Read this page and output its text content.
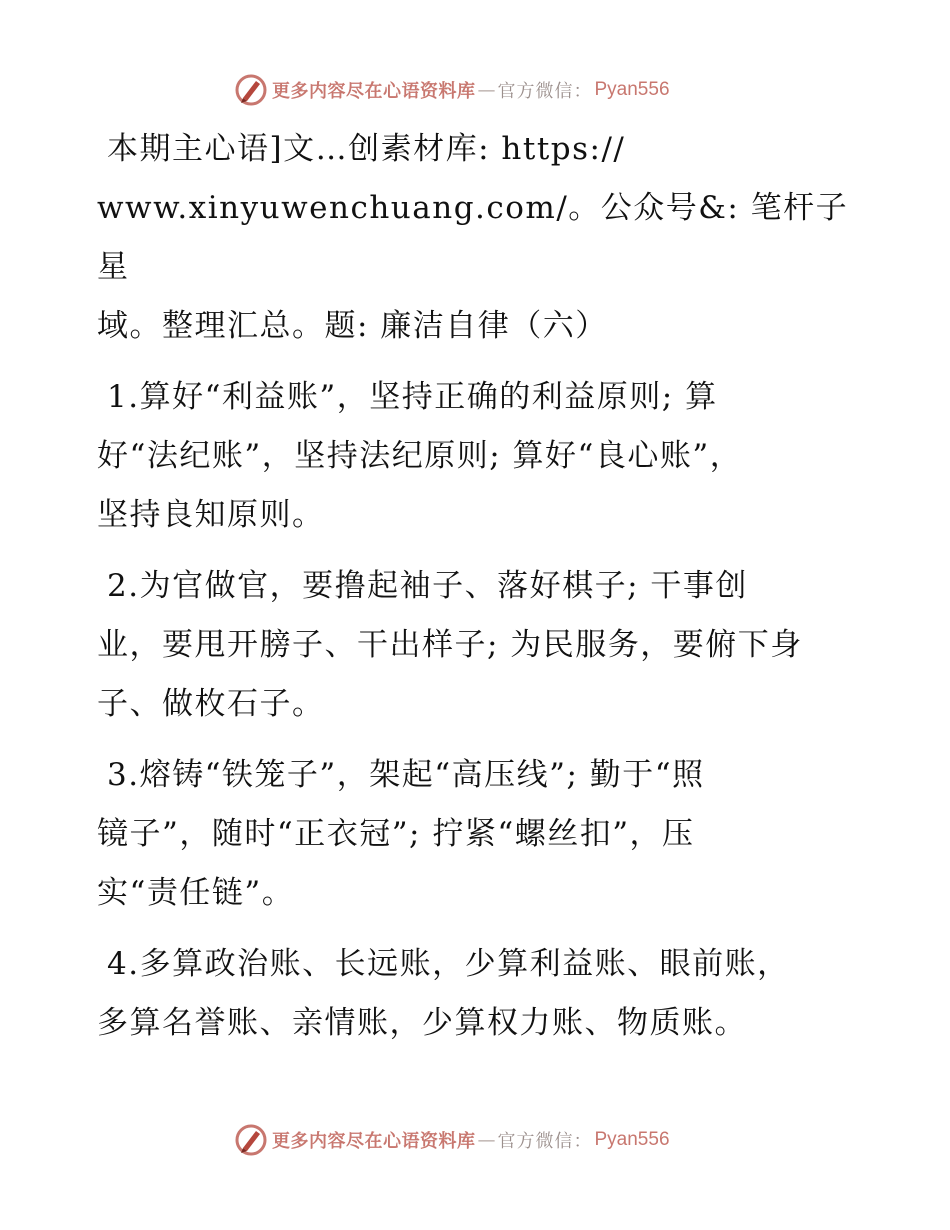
更多内容尽在心语资料库 — 官方微信： Pyan556
本期主心语]文…创素材库: https://
www.xinyuwenchuang.com/。公众号&: 笔杆子星
域。整理汇总。题: 廉洁自律（六）
1.算好“利益账”，坚持正确的利益原则; 算
好“法纪账”，坚持法纪原则; 算好“良心账”，
坚持良知原则。
2.为官做官，要撸起袖子、落好棋子; 干事创
业，要甩开膀子、干出样子; 为民服务，要俯下身
子、做枚石子。
3.熔铸“铁笼子”，架起“高压线”; 勤于“照
镜子”，随时“正衣冠”; 拧紧“螺丝扣”，压
实“责任链”。
4.多算政治账、长远账，少算利益账、眼前账，
多算名誉账、亲情账，少算权力账、物质账。
更多内容尽在心语资料库 — 官方微信： Pyan556
